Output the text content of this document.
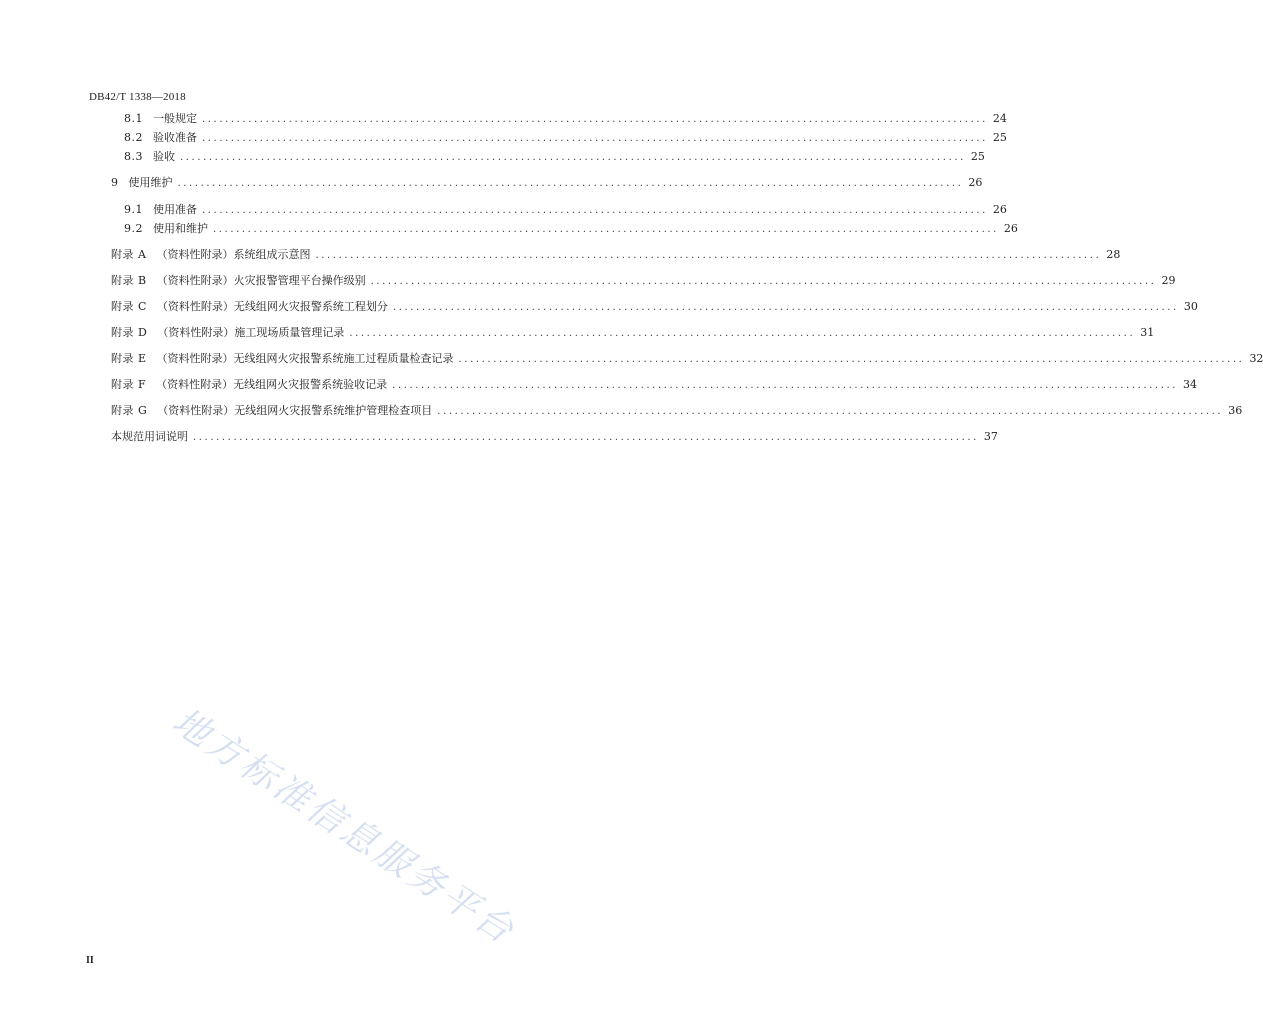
DB42/T 1338—2018
8.1 一般规定 ........................................................................................................................................ 24
8.2 验收准备 ........................................................................................................................................ 25
8.3 验收 ........................................................................................................................................ 25
9 使用维护 ........................................................................................................................................ 26
9.1 使用准备 ........................................................................................................................................ 26
9.2 使用和维护 ........................................................................................................................................ 26
附录 A （资料性附录）系统组成示意图 ........................................................................................................................................ 28
附录 B （资料性附录）火灾报警管理平台操作级别 ........................................................................................................................................ 29
附录 C （资料性附录）无线组网火灾报警系统工程划分 ........................................................................................................................................ 30
附录 D （资料性附录）施工现场质量管理记录 ........................................................................................................................................ 31
附录 E （资料性附录）无线组网火灾报警系统施工过程质量检查记录 ........................................................................................................................................ 32
附录 F （资料性附录）无线组网火灾报警系统验收记录 ........................................................................................................................................ 34
附录 G （资料性附录）无线组网火灾报警系统维护管理检查项目 ........................................................................................................................................ 36
本规范用词说明 ........................................................................................................................................ 37
地方标准信息服务平台
II
